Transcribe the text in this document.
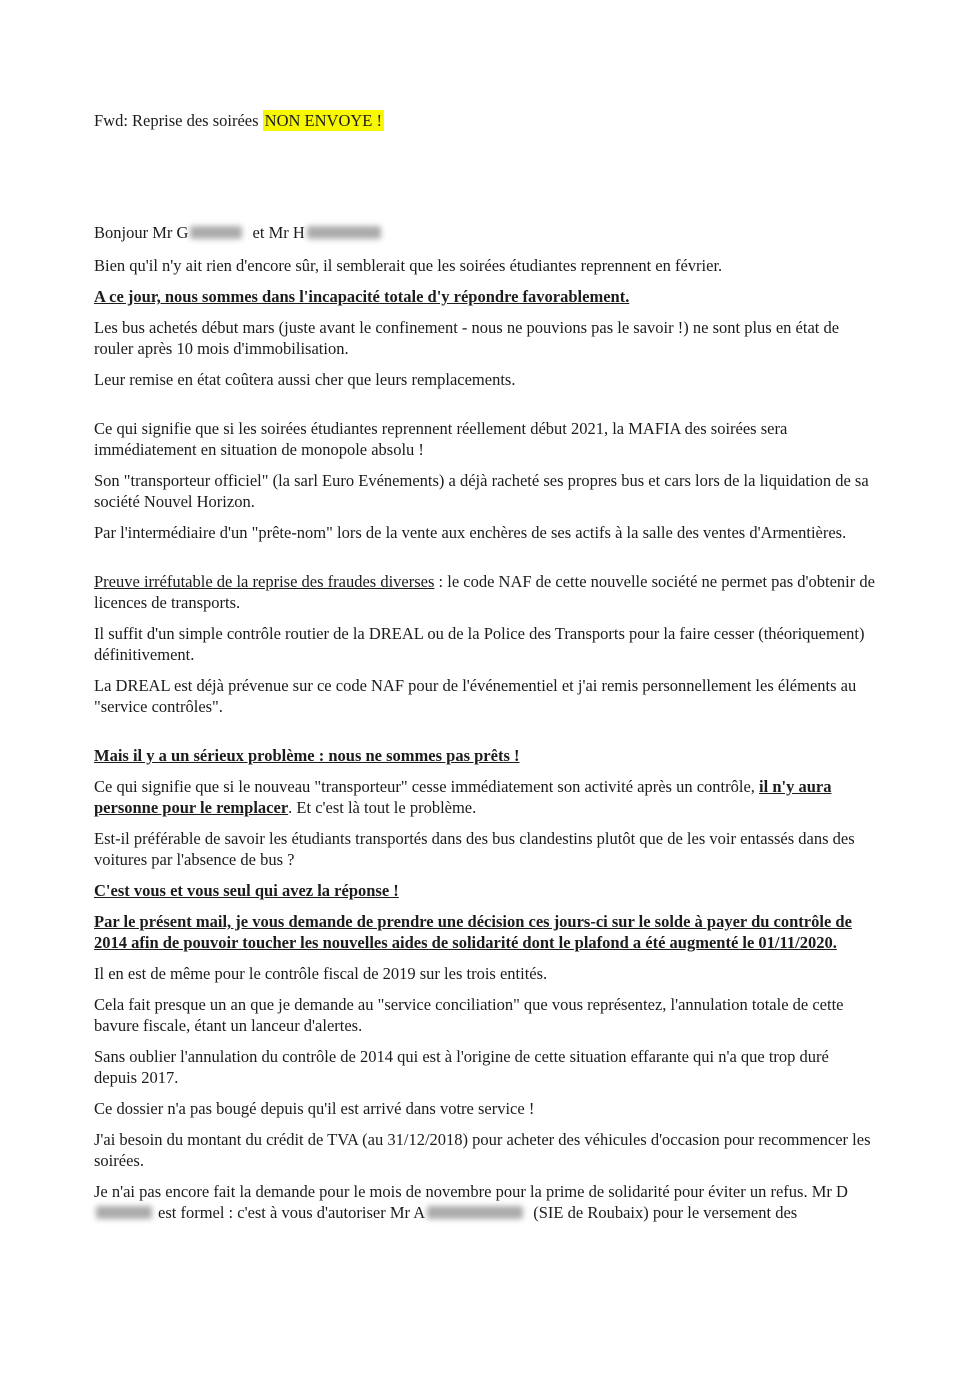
Fwd: Reprise des soirées NON ENVOYE !
Bonjour Mr G	et Mr H

Bien qu'il n'y ait rien d'encore sûr, il semblerait que les soirées étudiantes reprennent en février.

A ce jour, nous sommes dans l'incapacité totale d'y répondre favorablement.

Les bus achetés début mars (juste avant le confinement - nous ne pouvions pas le savoir !) ne sont plus en état de rouler après 10 mois d'immobilisation.

Leur remise en état coûtera aussi cher que leurs remplacements.

Ce qui signifie que si les soirées étudiantes reprennent réellement début 2021, la MAFIA des soirées sera immédiatement en situation de monopole absolu !

Son "transporteur officiel" (la sarl Euro Evénements) a déjà racheté ses propres bus et cars lors de la liquidation de sa société Nouvel Horizon.

Par l'intermédiaire d'un "prête-nom" lors de la vente aux enchères de ses actifs à la salle des ventes d'Armentières.

Preuve irréfutable de la reprise des fraudes diverses : le code NAF de cette nouvelle société ne permet pas d'obtenir de licences de transports.

Il suffit d'un simple contrôle routier de la DREAL ou de la Police des Transports pour la faire cesser (théoriquement) définitivement.

La DREAL est déjà prévenue sur ce code NAF pour de l'événementiel et j'ai remis personnellement les éléments au "service contrôles".

Mais il y a un sérieux problème : nous ne sommes pas prêts !

Ce qui signifie que si le nouveau "transporteur" cesse immédiatement son activité après un contrôle, il n'y aura personne pour le remplacer. Et c'est là tout le problème.

Est-il préférable de savoir les étudiants transportés dans des bus clandestins plutôt que de les voir entassés dans des voitures par l'absence de bus ?

C'est vous et vous seul qui avez la réponse !

Par le présent mail, je vous demande de prendre une décision ces jours-ci sur le solde à payer du contrôle de 2014 afin de pouvoir toucher les nouvelles aides de solidarité dont le plafond a été augmenté le 01/11/2020.

Il en est de même pour le contrôle fiscal de 2019 sur les trois entités.

Cela fait presque un an que je demande au "service conciliation" que vous représentez, l'annulation totale de cette bavure fiscale, étant un lanceur d'alertes.

Sans oublier l'annulation du contrôle de 2014 qui est à l'origine de cette situation effarante qui n'a que trop duré depuis 2017.

Ce dossier n'a pas bougé depuis qu'il est arrivé dans votre service !

J'ai besoin du montant du crédit de TVA (au 31/12/2018) pour acheter des véhicules d'occasion pour recommencer les soirées.

Je n'ai pas encore fait la demande pour le mois de novembre pour la prime de solidarité pour éviter un refus. Mr Dest formel : c'est à vous d'autoriser Mr A	(SIE de Roubaix) pour le versement des
